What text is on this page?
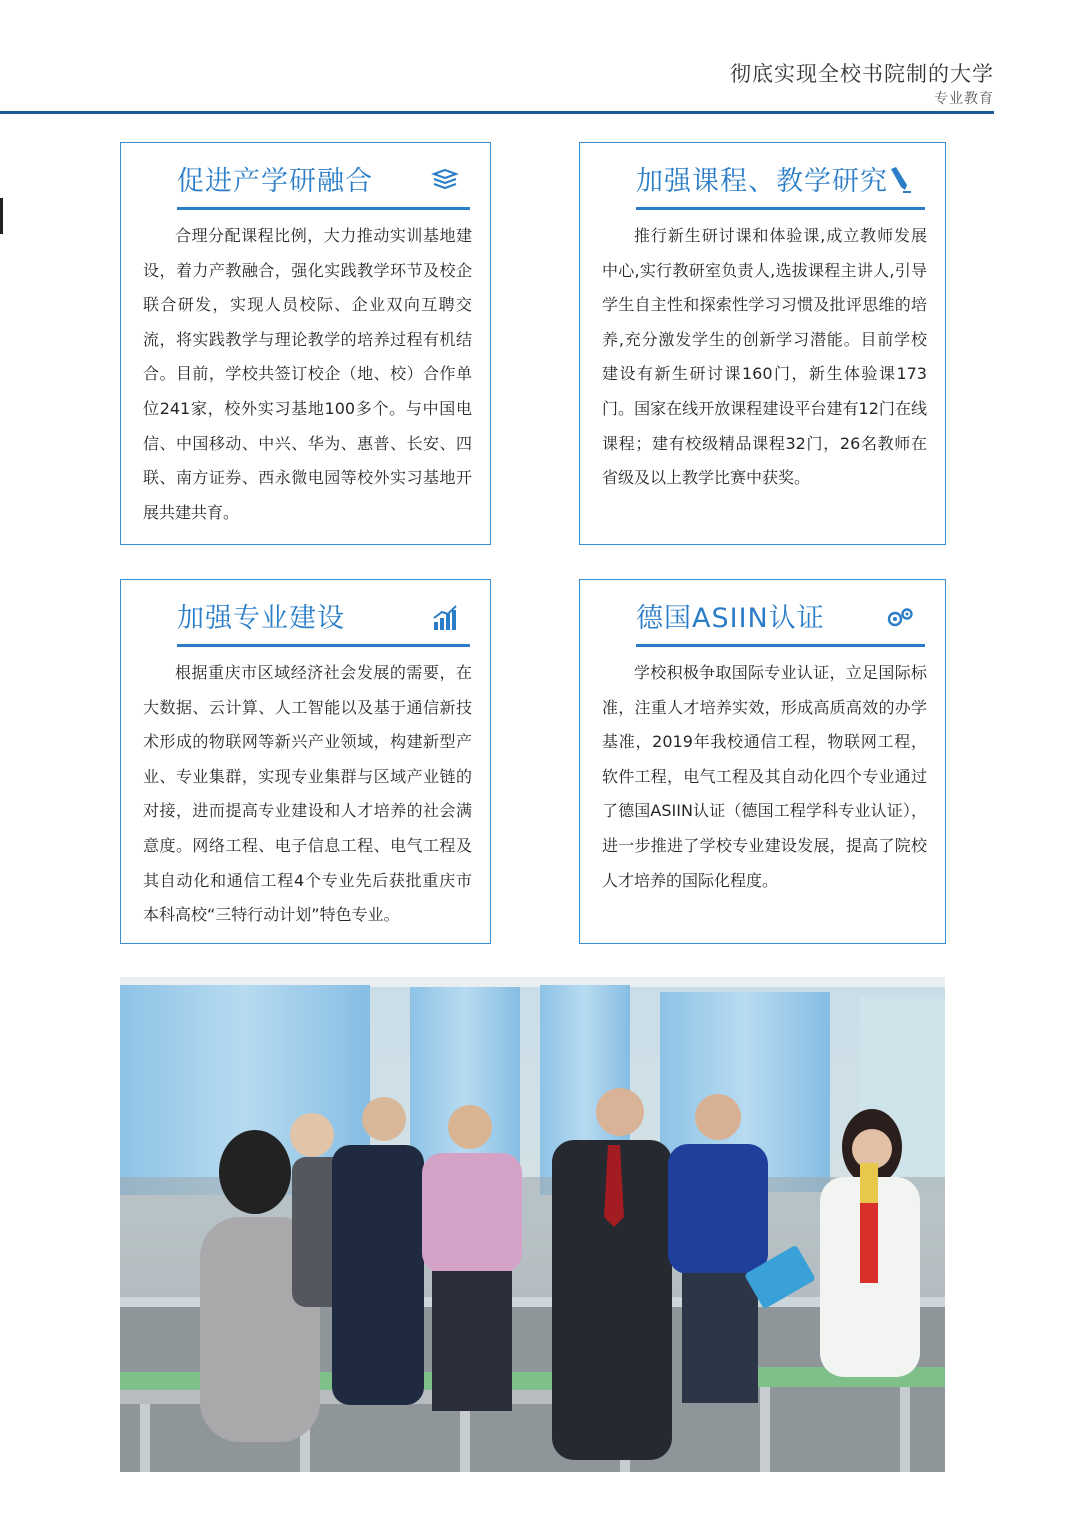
彻底实现全校书院制的大学
专业教育
促进产学研融合

合理分配课程比例，大力推动实训基地建设，着力产教融合，强化实践教学环节及校企联合研发，实现人员校际、企业双向互聘交流，将实践教学与理论教学的培养过程有机结合。目前，学校共签订校企（地、校）合作单位241家，校外实习基地100多个。与中国电信、中国移动、中兴、华为、惠普、长安、四联、南方证券、西永微电园等校外实习基地开展共建共育。

加强课程、教学研究

推行新生研讨课和体验课,成立教师发展中心,实行教研室负责人,选拔课程主讲人,引导学生自主性和探索性学习习惯及批评思维的培养,充分激发学生的创新学习潜能。目前学校建设有新生研讨课160门，新生体验课173门。国家在线开放课程建设平台建有12门在线课程；建有校级精品课程32门，26名教师在省级及以上教学比赛中获奖。

加强专业建设

根据重庆市区域经济社会发展的需要，在大数据、云计算、人工智能以及基于通信新技术形成的物联网等新兴产业领域，构建新型产业、专业集群，实现专业集群与区域产业链的对接，进而提高专业建设和人才培养的社会满意度。网络工程、电子信息工程、电气工程及其自动化和通信工程4个专业先后获批重庆市本科高校“三特行动计划”特色专业。

德国ASIIN认证

学校积极争取国际专业认证，立足国际标准，注重人才培养实效，形成高质高效的办学基准，2019年我校通信工程，物联网工程，软件工程，电气工程及其自动化四个专业通过了德国ASIIN认证（德国工程学科专业认证），进一步推进了学校专业建设发展，提高了院校人才培养的国际化程度。
